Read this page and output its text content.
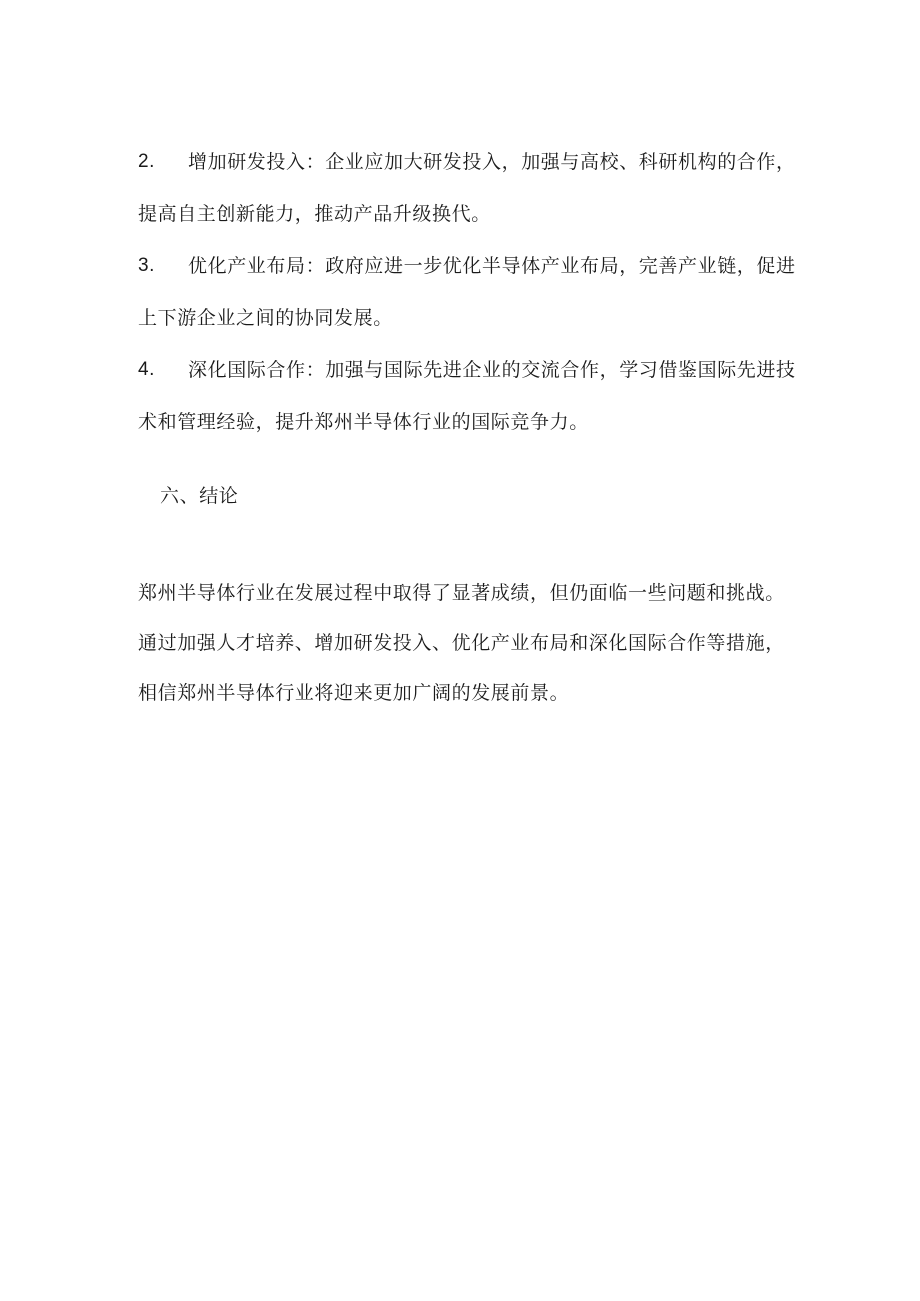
2.	增加研发投入：企业应加大研发投入，加强与高校、科研机构的合作，提高自主创新能力，推动产品升级换代。
3.	优化产业布局：政府应进一步优化半导体产业布局，完善产业链，促进上下游企业之间的协同发展。
4.	深化国际合作：加强与国际先进企业的交流合作，学习借鉴国际先进技术和管理经验，提升郑州半导体行业的国际竞争力。
六、结论

郑州半导体行业在发展过程中取得了显著成绩，但仍面临一些问题和挑战。通过加强人才培养、增加研发投入、优化产业布局和深化国际合作等措施，相信郑州半导体行业将迎来更加广阔的发展前景。
